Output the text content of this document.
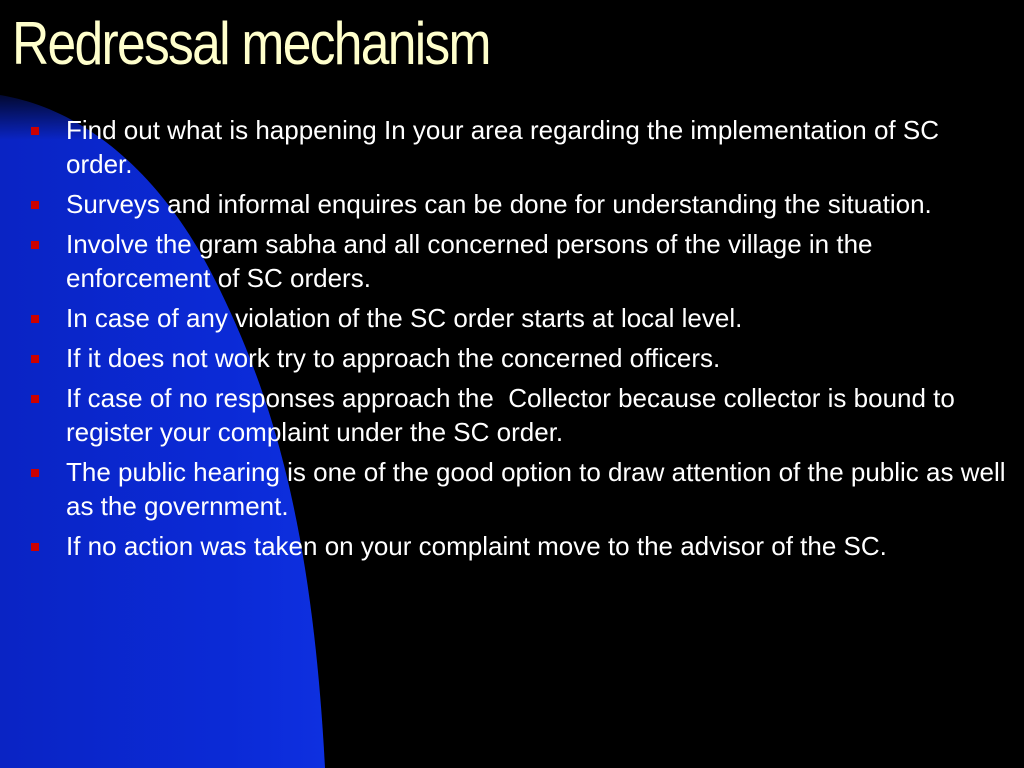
Redressal mechanism
Find out what is happening In your area regarding the implementation of SC order.
Surveys and informal enquires can be done for understanding the situation.
Involve the gram sabha and all concerned persons of the village in the enforcement of SC orders.
In case of any violation of the SC order starts at local level.
If it does not work try to approach the concerned officers.
If case of no responses approach the  Collector because collector is bound to register your complaint under the SC order.
The public hearing is one of the good option to draw attention of the public as well as the government.
If no action was taken on your complaint move to the advisor of the SC.
